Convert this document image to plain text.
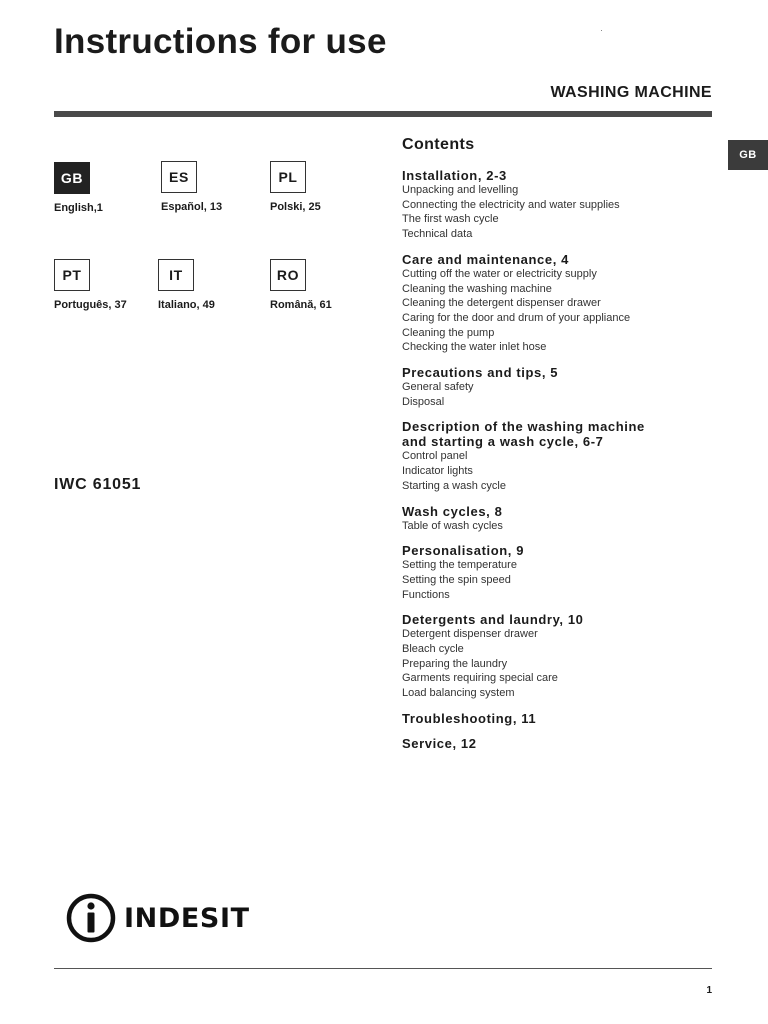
Instructions for use
WASHING MACHINE
GB
GB
English,1
ES
Español, 13
PL
Polski, 25
PT
Português, 37
IT
Italiano, 49
RO
Română, 61
IWC 61051
Contents
Installation, 2-3
Unpacking and levelling
Connecting the electricity and water supplies
The first wash cycle
Technical data
Care and maintenance, 4
Cutting off the water or electricity supply
Cleaning the washing machine
Cleaning the detergent dispenser drawer
Caring for the door and drum of your appliance
Cleaning the pump
Checking the water inlet hose
Precautions and tips, 5
General safety
Disposal
Description of the washing machine
and starting a wash cycle, 6-7
Control panel
Indicator lights
Starting a wash cycle
Wash cycles, 8
Table of wash cycles
Personalisation, 9
Setting the temperature
Setting the spin speed
Functions
Detergents and laundry, 10
Detergent dispenser drawer
Bleach cycle
Preparing the laundry
Garments requiring special care
Load balancing system
Troubleshooting, 11
Service, 12
INDESIT
1
